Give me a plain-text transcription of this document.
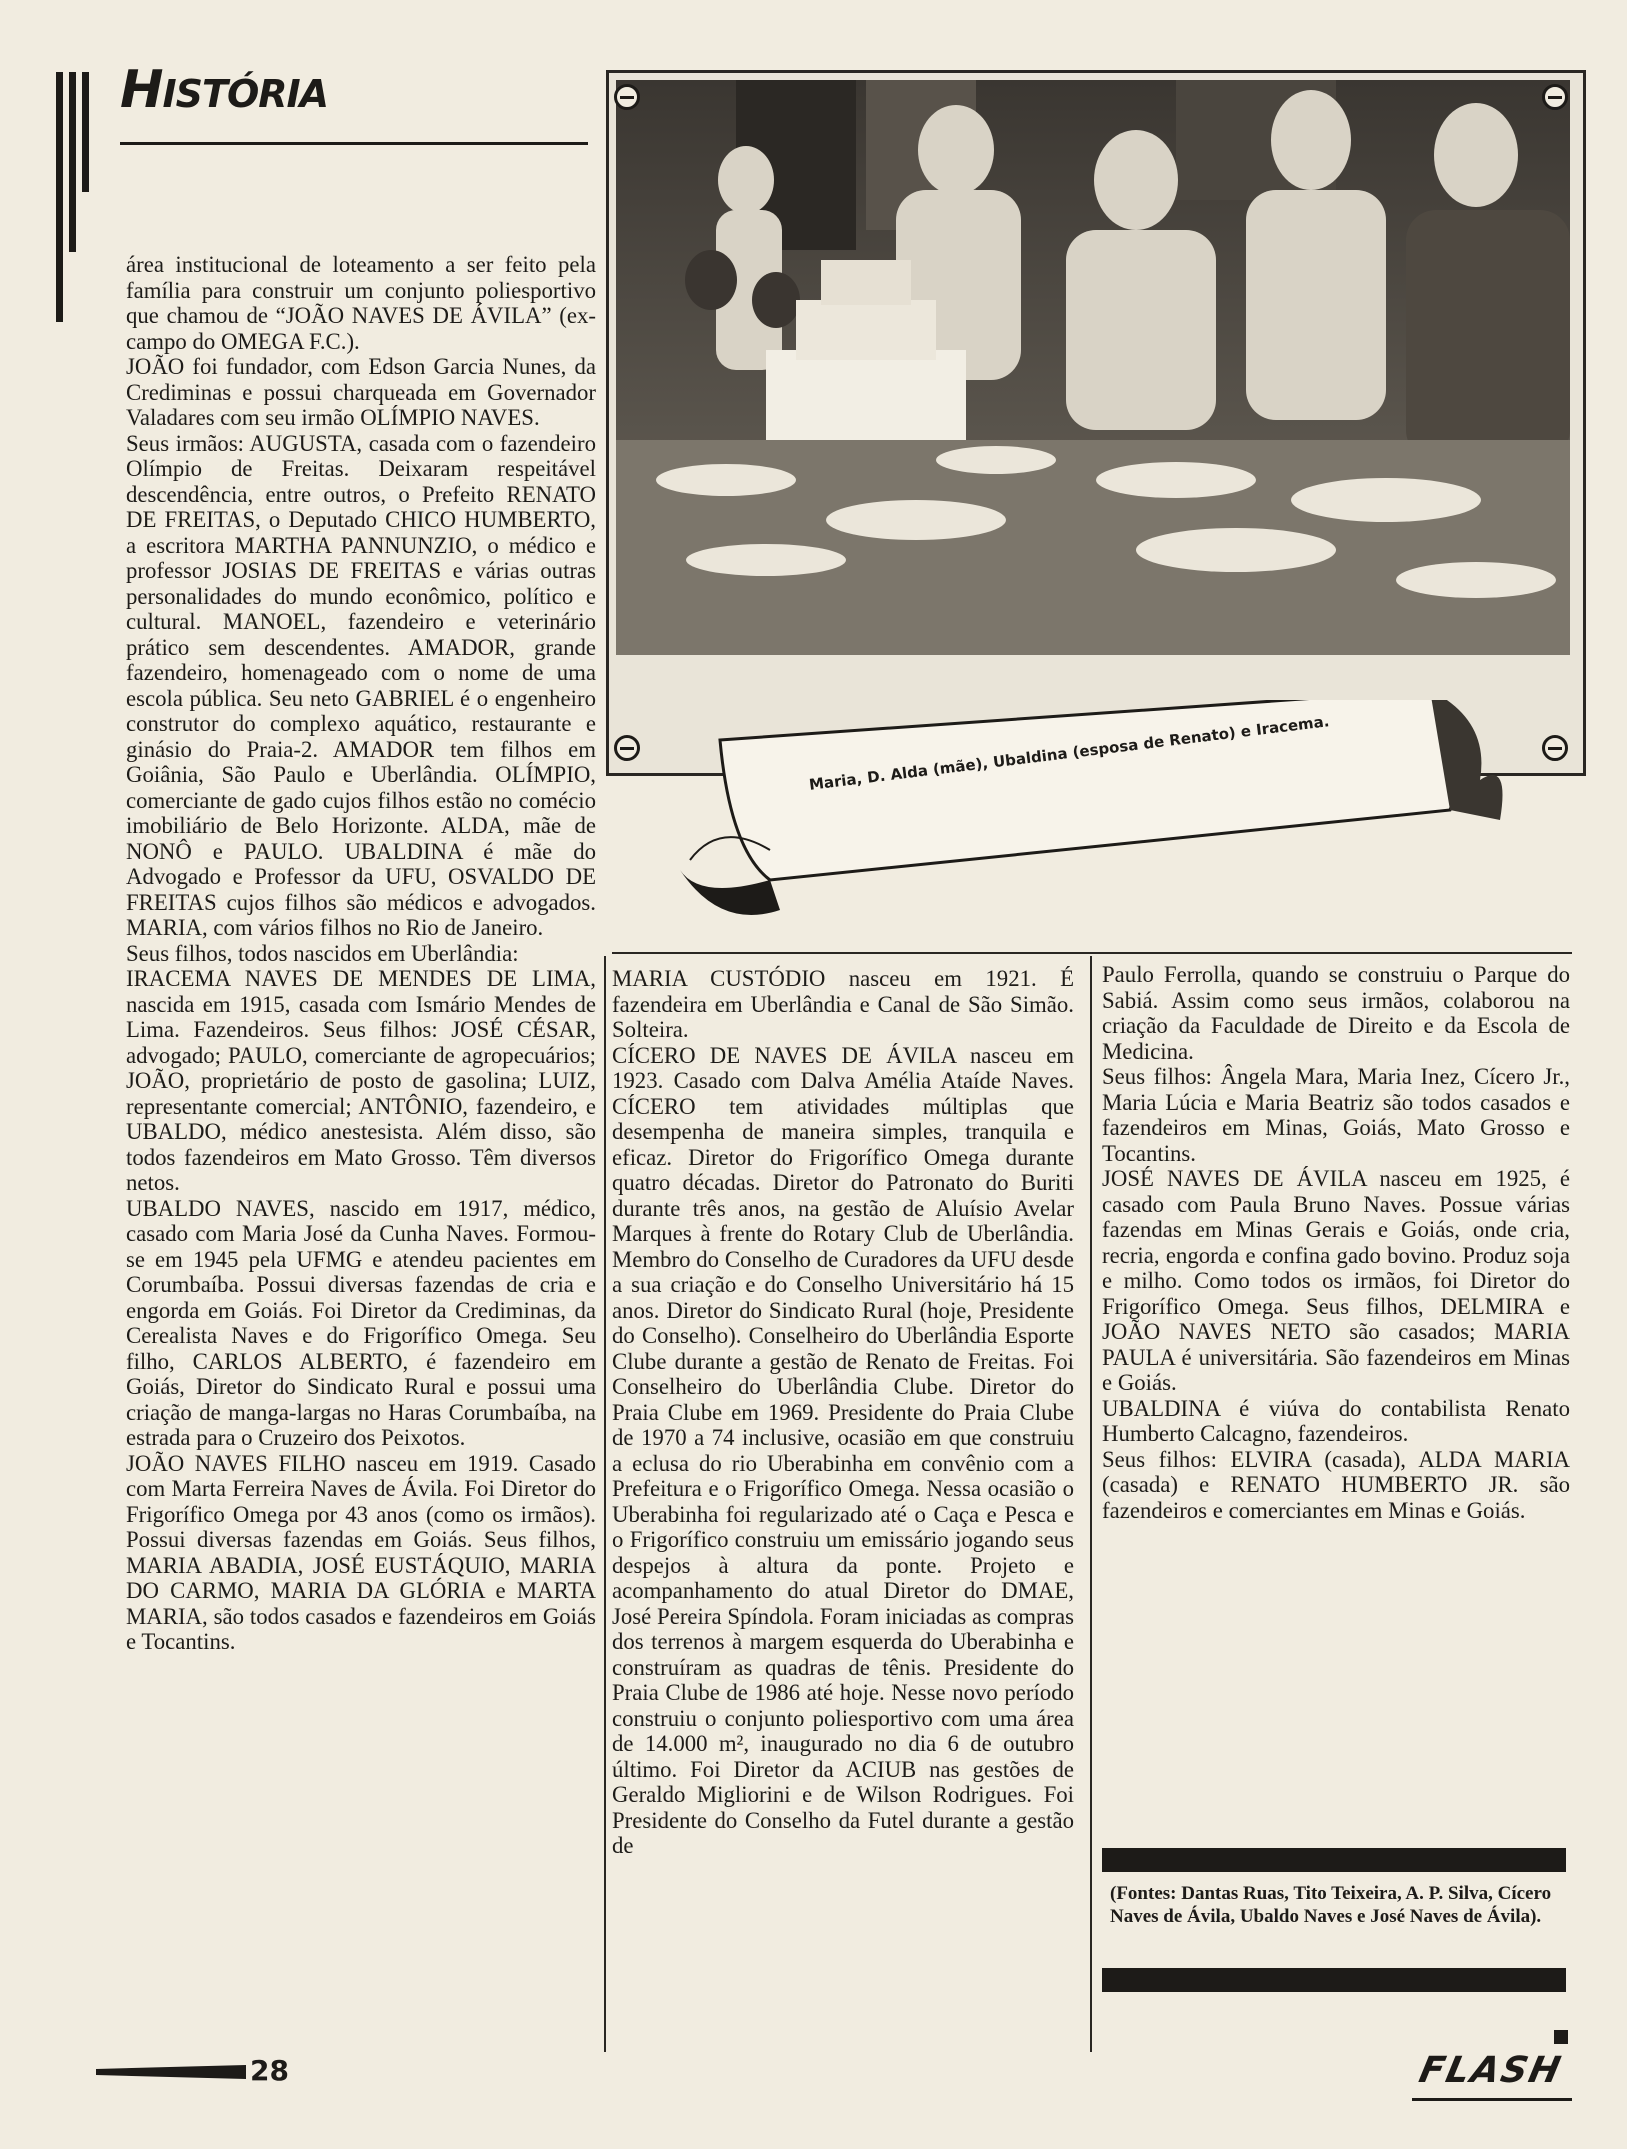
HISTÓRIA

área institucional de loteamento a ser feito pela família para construir um conjunto poliesportivo que chamou de “JOÃO NAVES DE ÁVILA” (ex-campo do OMEGA F.C.).

JOÃO foi fundador, com Edson Garcia Nunes, da Crediminas e possui charqueada em Governador Valadares com seu irmão OLÍMPIO NAVES.

Seus irmãos: AUGUSTA, casada com o fazendeiro Olímpio de Freitas. Deixaram respeitável descendência, entre outros, o Prefeito RENATO DE FREITAS, o Deputado CHICO HUMBERTO, a escritora MARTHA PANNUNZIO, o médico e professor JOSIAS DE FREITAS e várias outras personalidades do mundo econômico, político e cultural. MANOEL, fazendeiro e veterinário prático sem descendentes. AMADOR, grande fazendeiro, homenageado com o nome de uma escola pública. Seu neto GABRIEL é o engenheiro construtor do complexo aquático, restaurante e ginásio do Praia-2. AMADOR tem filhos em Goiânia, São Paulo e Uberlândia. OLÍMPIO, comerciante de gado cujos filhos estão no comécio imobiliário de Belo Horizonte. ALDA, mãe de NONÔ e PAULO. UBALDINA é mãe do Advogado e Professor da UFU, OSVALDO DE FREITAS cujos filhos são médicos e advogados. MARIA, com vários filhos no Rio de Janeiro.

Seus filhos, todos nascidos em Uberlândia:

IRACEMA NAVES DE MENDES DE LIMA, nascida em 1915, casada com Ismário Mendes de Lima. Fazendeiros. Seus filhos: JOSÉ CÉSAR, advogado; PAULO, comerciante de agropecuários; JOÃO, proprietário de posto de gasolina; LUIZ, representante comercial; ANTÔNIO, fazendeiro, e UBALDO, médico anestesista. Além disso, são todos fazendeiros em Mato Grosso. Têm diversos netos.

UBALDO NAVES, nascido em 1917, médico, casado com Maria José da Cunha Naves. Formou-se em 1945 pela UFMG e atendeu pacientes em Corumbaíba. Possui diversas fazendas de cria e engorda em Goiás. Foi Diretor da Crediminas, da Cerealista Naves e do Frigorífico Omega. Seu filho, CARLOS ALBERTO, é fazendeiro em Goiás, Diretor do Sindicato Rural e possui uma criação de manga-largas no Haras Corumbaíba, na estrada para o Cruzeiro dos Peixotos.

JOÃO NAVES FILHO nasceu em 1919. Casado com Marta Ferreira Naves de Ávila. Foi Diretor do Frigorífico Omega por 43 anos (como os irmãos). Possui diversas fazendas em Goiás. Seus filhos, MARIA ABADIA, JOSÉ EUSTÁQUIO, MARIA DO CARMO, MARIA DA GLÓRIA e MARTA MARIA, são todos casados e fazendeiros em Goiás e Tocantins.

Maria, D. Alda (mãe), Ubaldina (esposa de Renato) e Iracema.

MARIA CUSTÓDIO nasceu em 1921. É fazendeira em Uberlândia e Canal de São Simão. Solteira.

CÍCERO DE NAVES DE ÁVILA nasceu em 1923. Casado com Dalva Amélia Ataíde Naves. CÍCERO tem atividades múltiplas que desempenha de maneira simples, tranquila e eficaz. Diretor do Frigorífico Omega durante quatro décadas. Diretor do Patronato do Buriti durante três anos, na gestão de Aluísio Avelar Marques à frente do Rotary Club de Uberlândia. Membro do Conselho de Curadores da UFU desde a sua criação e do Conselho Universitário há 15 anos. Diretor do Sindicato Rural (hoje, Presidente do Conselho). Conselheiro do Uberlândia Esporte Clube durante a gestão de Renato de Freitas. Foi Conselheiro do Uberlândia Clube. Diretor do Praia Clube em 1969. Presidente do Praia Clube de 1970 a 74 inclusive, ocasião em que construiu a eclusa do rio Uberabinha em convênio com a Prefeitura e o Frigorífico Omega. Nessa ocasião o Uberabinha foi regularizado até o Caça e Pesca e o Frigorífico construiu um emissário jogando seus despejos à altura da ponte. Projeto e acompanhamento do atual Diretor do DMAE, José Pereira Spíndola. Foram iniciadas as compras dos terrenos à margem esquerda do Uberabinha e construíram as quadras de tênis. Presidente do Praia Clube de 1986 até hoje. Nesse novo período construiu o conjunto poliesportivo com uma área de 14.000 m², inaugurado no dia 6 de outubro último. Foi Diretor da ACIUB nas gestões de Geraldo Migliorini e de Wilson Rodrigues. Foi Presidente do Conselho da Futel durante a gestão de

Paulo Ferrolla, quando se construiu o Parque do Sabiá. Assim como seus irmãos, colaborou na criação da Faculdade de Direito e da Escola de Medicina.

Seus filhos: Ângela Mara, Maria Inez, Cícero Jr., Maria Lúcia e Maria Beatriz são todos casados e fazendeiros em Minas, Goiás, Mato Grosso e Tocantins.

JOSÉ NAVES DE ÁVILA nasceu em 1925, é casado com Paula Bruno Naves. Possue várias fazendas em Minas Gerais e Goiás, onde cria, recria, engorda e confina gado bovino. Produz soja e milho. Como todos os irmãos, foi Diretor do Frigorífico Omega. Seus filhos, DELMIRA e JOÃO NAVES NETO são casados; MARIA PAULA é universitária. São fazendeiros em Minas e Goiás.

UBALDINA é viúva do contabilista Renato Humberto Calcagno, fazendeiros.

Seus filhos: ELVIRA (casada), ALDA MARIA (casada) e RENATO HUMBERTO JR. são fazendeiros e comerciantes em Minas e Goiás.

(Fontes: Dantas Ruas, Tito Teixeira, A. P. Silva, Cícero Naves de Ávila, Ubaldo Naves e José Naves de Ávila).
28	FLASH
